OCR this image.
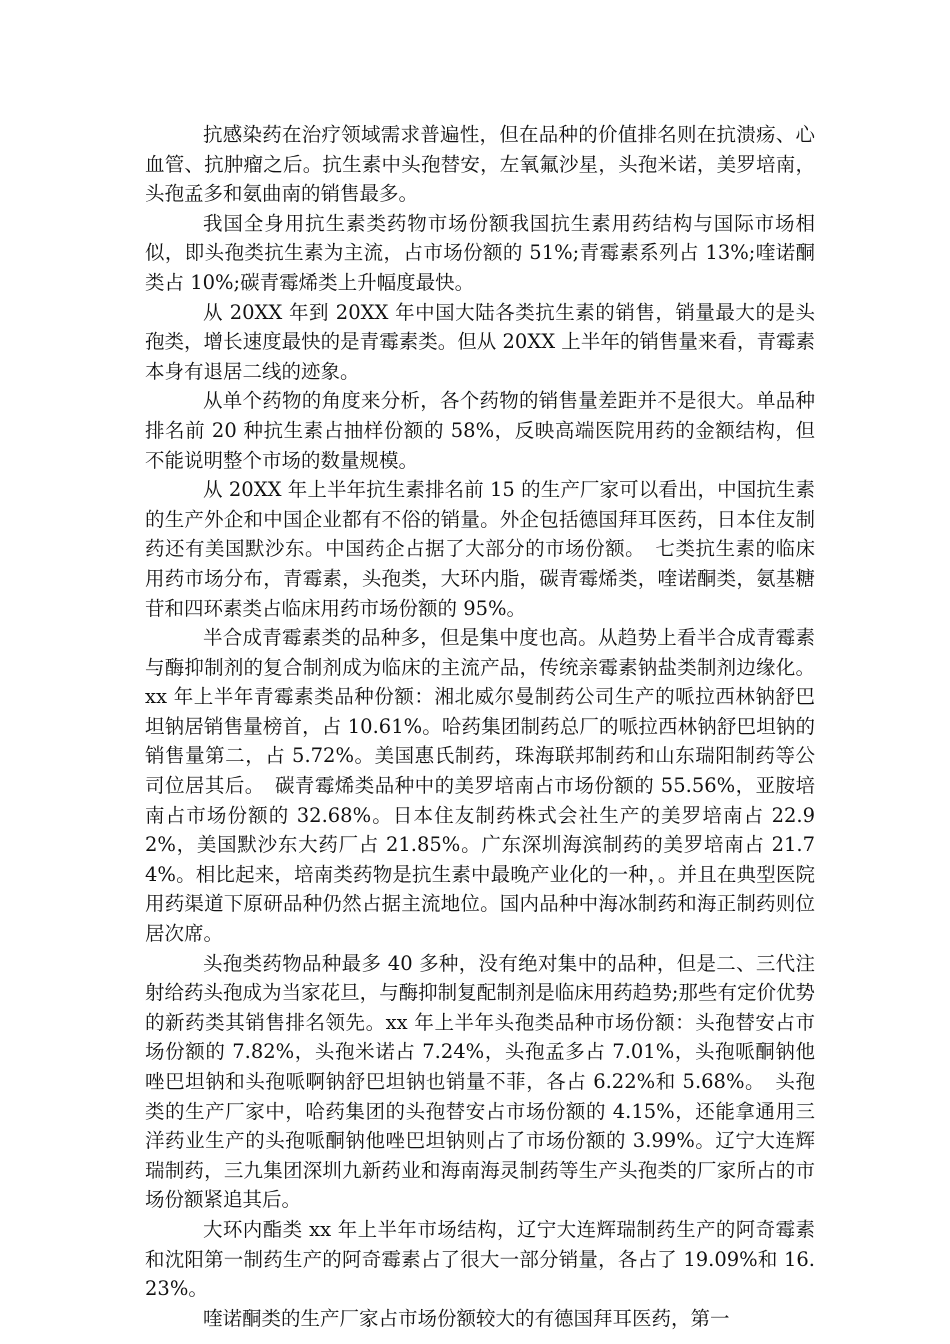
抗感染药在治疗领域需求普遍性，但在品种的价值排名则在抗溃疡、心血管、抗肿瘤之后。抗生素中头孢替安，左氧氟沙星，头孢米诺，美罗培南，头孢孟多和氨曲南的销售最多。

我国全身用抗生素类药物市场份额我国抗生素用药结构与国际市场相似，即头孢类抗生素为主流，占市场份额的 51%;青霉素系列占 13%;喹诺酮类占 10%;碳青霉烯类上升幅度最快。

从 20XX 年到 20XX 年中国大陆各类抗生素的销售，销量最大的是头孢类，增长速度最快的是青霉素类。但从 20XX 上半年的销售量来看，青霉素本身有退居二线的迹象。

从单个药物的角度来分析，各个药物的销售量差距并不是很大。单品种排名前 20 种抗生素占抽样份额的 58%，反映高端医院用药的金额结构，但不能说明整个市场的数量规模。

从 20XX 年上半年抗生素排名前 15 的生产厂家可以看出，中国抗生素的生产外企和中国企业都有不俗的销量。外企包括德国拜耳医药，日本住友制药还有美国默沙东。中国药企占据了大部分的市场份额。　七类抗生素的临床用药市场分布，青霉素，头孢类，大环内脂，碳青霉烯类，喹诺酮类，氨基糖苷和四环素类占临床用药市场份额的 95%。

半合成青霉素类的品种多，但是集中度也高。从趋势上看半合成青霉素与酶抑制剂的复合制剂成为临床的主流产品，传统亲霉素钠盐类制剂边缘化。xx 年上半年青霉素类品种份额：湘北威尔曼制药公司生产的哌拉西林钠舒巴坦钠居销售量榜首，占 10.61%。哈药集团制药总厂的哌拉西林钠舒巴坦钠的销售量第二，占 5.72%。美国惠氏制药，珠海联邦制药和山东瑞阳制药等公司位居其后。　碳青霉烯类品种中的美罗培南占市场份额的 55.56%，亚胺培南占市场份额的 32.68%。日本住友制药株式会社生产的美罗培南占 22.92%，美国默沙东大药厂占 21.85%。广东深圳海滨制药的美罗培南占 21.74%。相比起来，培南类药物是抗生素中最晚产业化的一种，。并且在典型医院用药渠道下原研品种仍然占据主流地位。国内品种中海冰制药和海正制药则位居次席。

头孢类药物品种最多 40 多种，没有绝对集中的品种，但是二、三代注射给药头孢成为当家花旦，与酶抑制复配制剂是临床用药趋势;那些有定价优势的新药类其销售排名领先。xx 年上半年头孢类品种市场份额：头孢替安占市场份额的 7.82%，头孢米诺占 7.24%，头孢孟多占 7.01%，头孢哌酮钠他唑巴坦钠和头孢哌啊钠舒巴坦钠也销量不菲，各占 6.22%和 5.68%。　头孢类的生产厂家中，哈药集团的头孢替安占市场份额的 4.15%，还能拿通用三洋药业生产的头孢哌酮钠他唑巴坦钠则占了市场份额的 3.99%。辽宁大连辉瑞制药，三九集团深圳九新药业和海南海灵制药等生产头孢类的厂家所占的市场份额紧追其后。

大环内酯类 xx 年上半年市场结构，辽宁大连辉瑞制药生产的阿奇霉素和沈阳第一制药生产的阿奇霉素占了很大一部分销量，各占了 19.09%和 16.23%。

喹诺酮类的生产厂家占市场份额较大的有德国拜耳医药，第一
